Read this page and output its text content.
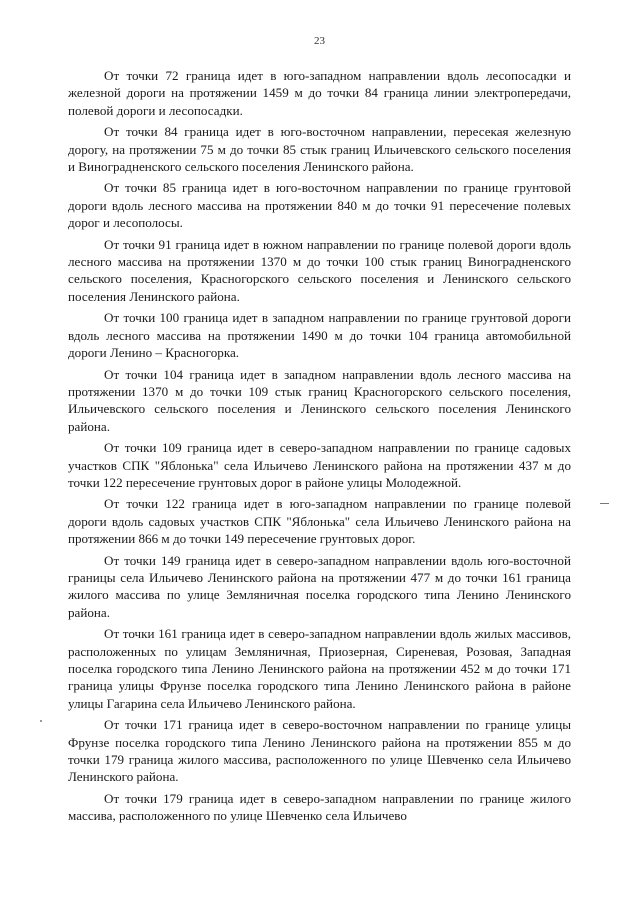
23

От точки 72 граница идет в юго-западном направлении вдоль лесопосадки и железной дороги на протяжении 1459 м до точки 84 граница линии электропередачи, полевой дороги и лесопосадки.

От точки 84 граница идет в юго-восточном направлении, пересекая железную дорогу, на протяжении 75 м до точки 85 стык границ Ильичевского сельского поселения и Виноградненского сельского поселения Ленинского района.

От точки 85 граница идет в юго-восточном направлении по границе грунтовой дороги вдоль лесного массива на протяжении 840 м до точки 91 пересечение полевых дорог и лесополосы.

От точки 91 граница идет в южном направлении по границе полевой дороги вдоль лесного массива на протяжении 1370 м до точки 100 стык границ Виноградненского сельского поселения, Красногорского сельского поселения и Ленинского сельского поселения Ленинского района.

От точки 100 граница идет в западном направлении по границе грунтовой дороги вдоль лесного массива на протяжении 1490 м до точки 104 граница автомобильной дороги Ленино – Красногорка.

От точки 104 граница идет в западном направлении вдоль лесного массива на протяжении 1370 м до точки 109 стык границ Красногорского сельского поселения, Ильичевского сельского поселения и Ленинского сельского поселения Ленинского района.

От точки 109 граница идет в северо-западном направлении по границе садовых участков СПК "Яблонька" села Ильичево Ленинского района на протяжении 437 м до точки 122 пересечение грунтовых дорог в районе улицы Молодежной.

От точки 122 граница идет в юго-западном направлении по границе полевой дороги вдоль садовых участков СПК "Яблонька" села Ильичево Ленинского района на протяжении 866 м до точки 149 пересечение грунтовых дорог.

От точки 149 граница идет в северо-западном направлении вдоль юго-восточной границы села Ильичево Ленинского района на протяжении 477 м до точки 161 граница жилого массива по улице Земляничная поселка городского типа Ленино Ленинского района.

От точки 161 граница идет в северо-западном направлении вдоль жилых массивов, расположенных по улицам Земляничная, Приозерная, Сиреневая, Розовая, Западная поселка городского типа Ленино Ленинского района на протяжении 452 м до точки 171 граница улицы Фрунзе поселка городского типа Ленино Ленинского района в районе улицы Гагарина села Ильичево Ленинского района.

От точки 171 граница идет в северо-восточном направлении по границе улицы Фрунзе поселка городского типа Ленино Ленинского района на протяжении 855 м до точки 179 граница жилого массива, расположенного по улице Шевченко села Ильичево Ленинского района.

От точки 179 граница идет в северо-западном направлении по границе жилого массива, расположенного по улице Шевченко села Ильичево
